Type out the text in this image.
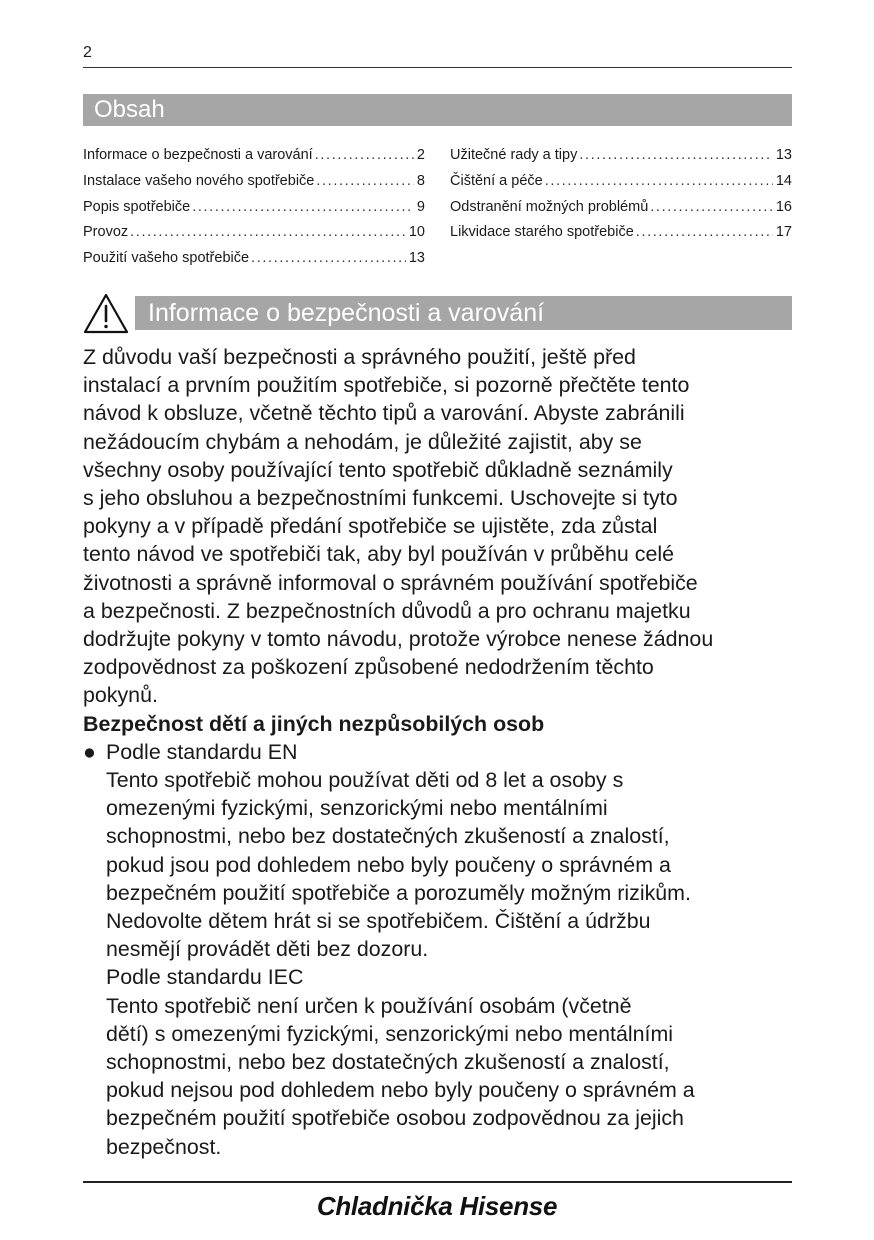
2
Obsah
Informace o bezpečnosti a varování . . .	2
Instalace vašeho nového spotřebiče . . .	8
Popis spotřebiče . . .	9
Provoz . . .	10
Použití vašeho spotřebiče . . .	13
Užitečné rady a tipy . . .	13
Čištění a péče . . .	14
Odstranění možných problémů . . .	16
Likvidace starého spotřebiče . . .	17
Informace o bezpečnosti a varování

Z důvodu vaší bezpečnosti a správného použití, ještě před

instalací a prvním použitím spotřebiče, si pozorně přečtěte tento

návod k obsluze, včetně těchto tipů a varování. Abyste zabránili

nežádoucím chybám a nehodám, je důležité zajistit, aby se

všechny osoby používající tento spotřebič důkladně seznámily

s jeho obsluhou a bezpečnostními funkcemi. Uschovejte si tyto

pokyny a v případě předání spotřebiče se ujistěte, zda zůstal

tento návod ve spotřebiči tak, aby byl používán v průběhu celé

životnosti a správně informoval o správném používání spotřebiče

a bezpečnosti. Z bezpečnostních důvodů a pro ochranu majetku

dodržujte pokyny v tomto návodu, protože výrobce nenese žádnou

zodpovědnost za poškození způsobené nedodržením těchto

pokynů.

Bezpečnost dětí a jiných nezpůsobilých osob

● Podle standardu EN

Tento spotřebič mohou používat děti od 8 let a osoby s

omezenými fyzickými, senzorickými nebo mentálními

schopnostmi, nebo bez dostatečných zkušeností a znalostí,

pokud jsou pod dohledem nebo byly poučeny o správném a

bezpečném použití spotřebiče a porozuměly možným rizikům.

Nedovolte dětem hrát si se spotřebičem. Čištění a údržbu

nesmějí provádět děti bez dozoru.

Podle standardu IEC

Tento spotřebič není určen k používání osobám (včetně

dětí) s omezenými fyzickými, senzorickými nebo mentálními

schopnostmi, nebo bez dostatečných zkušeností a znalostí,

pokud nejsou pod dohledem nebo byly poučeny o správném a

bezpečném použití spotřebiče osobou zodpovědnou za jejich

bezpečnost.

Chladnička Hisense
